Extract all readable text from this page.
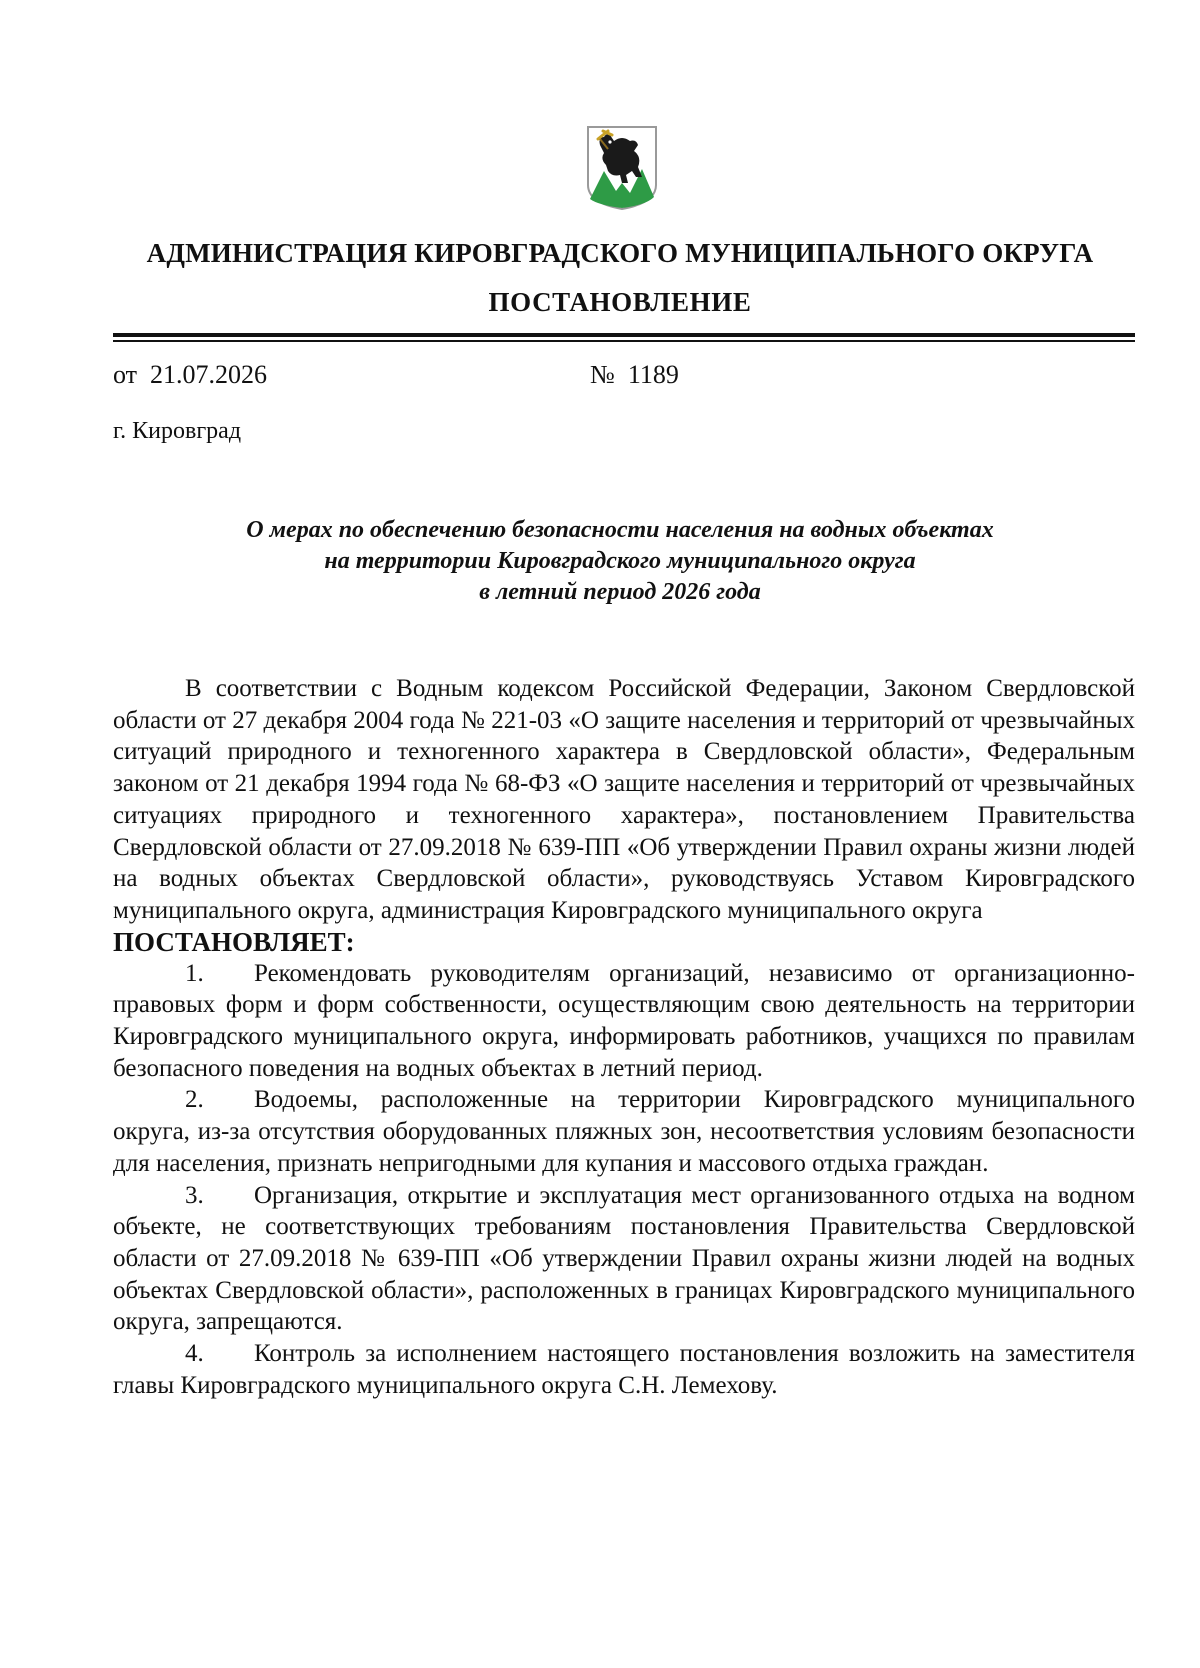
АДМИНИСТРАЦИЯ КИРОВГРАДСКОГО МУНИЦИПАЛЬНОГО ОКРУГА
ПОСТАНОВЛЕНИЕ
от 21.07.2026	№ 1189
г. Кировград
О мерах по обеспечению безопасности населения на водных объектах
на территории Кировградского муниципального округа
в летний период 2026 года

В соответствии с Водным кодексом Российской Федерации, Законом Свердловской области от 27 декабря 2004 года № 221-03 «О защите населения и территорий от чрезвычайных ситуаций природного и техногенного характера в Свердловской области», Федеральным законом от 21 декабря 1994 года № 68-ФЗ «О защите населения и территорий от чрезвычайных ситуациях природного и техногенного характера», постановлением Правительства Свердловской области от 27.09.2018 № 639-ПП «Об утверждении Правил охраны жизни людей на водных объектах Свердловской области», руководствуясь Уставом Кировградского муниципального округа, администрация Кировградского муниципального округа

ПОСТАНОВЛЯЕТ:

1. Рекомендовать руководителям организаций, независимо от организационно-правовых форм и форм собственности, осуществляющим свою деятельность на территории Кировградского муниципального округа, информировать работников, учащихся по правилам безопасного поведения на водных объектах в летний период.

2. Водоемы, расположенные на территории Кировградского муниципального округа, из-за отсутствия оборудованных пляжных зон, несоответствия условиям безопасности для населения, признать непригодными для купания и массового отдыха граждан.

3. Организация, открытие и эксплуатация мест организованного отдыха на водном объекте, не соответствующих требованиям постановления Правительства Свердловской области от 27.09.2018 № 639-ПП «Об утверждении Правил охраны жизни людей на водных объектах Свердловской области», расположенных в границах Кировградского муниципального округа, запрещаются.

4. Контроль за исполнением настоящего постановления возложить на заместителя главы Кировградского муниципального округа С.Н. Лемехову.
